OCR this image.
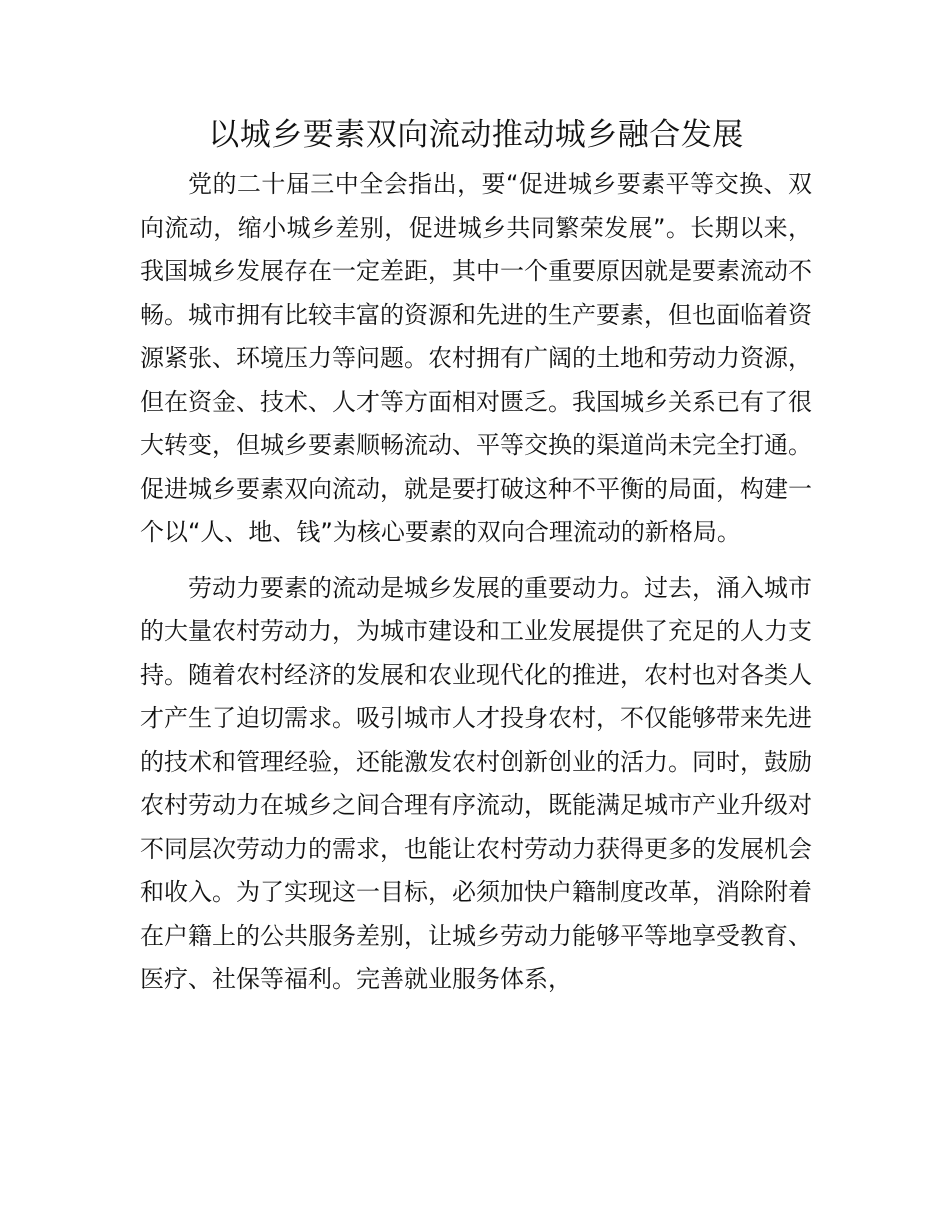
以城乡要素双向流动推动城乡融合发展

党的二十届三中全会指出，要“促进城乡要素平等交换、双向流动，缩小城乡差别，促进城乡共同繁荣发展”。长期以来，我国城乡发展存在一定差距，其中一个重要原因就是要素流动不畅。城市拥有比较丰富的资源和先进的生产要素，但也面临着资源紧张、环境压力等问题。农村拥有广阔的土地和劳动力资源，但在资金、技术、人才等方面相对匮乏。我国城乡关系已有了很大转变，但城乡要素顺畅流动、平等交换的渠道尚未完全打通。促进城乡要素双向流动，就是要打破这种不平衡的局面，构建一个以“人、地、钱”为核心要素的双向合理流动的新格局。

劳动力要素的流动是城乡发展的重要动力。过去，涌入城市的大量农村劳动力，为城市建设和工业发展提供了充足的人力支持。随着农村经济的发展和农业现代化的推进，农村也对各类人才产生了迫切需求。吸引城市人才投身农村，不仅能够带来先进的技术和管理经验，还能激发农村创新创业的活力。同时，鼓励农村劳动力在城乡之间合理有序流动，既能满足城市产业升级对不同层次劳动力的需求，也能让农村劳动力获得更多的发展机会和收入。为了实现这一目标，必须加快户籍制度改革，消除附着在户籍上的公共服务差别，让城乡劳动力能够平等地享受教育、医疗、社保等福利。完善就业服务体系，
